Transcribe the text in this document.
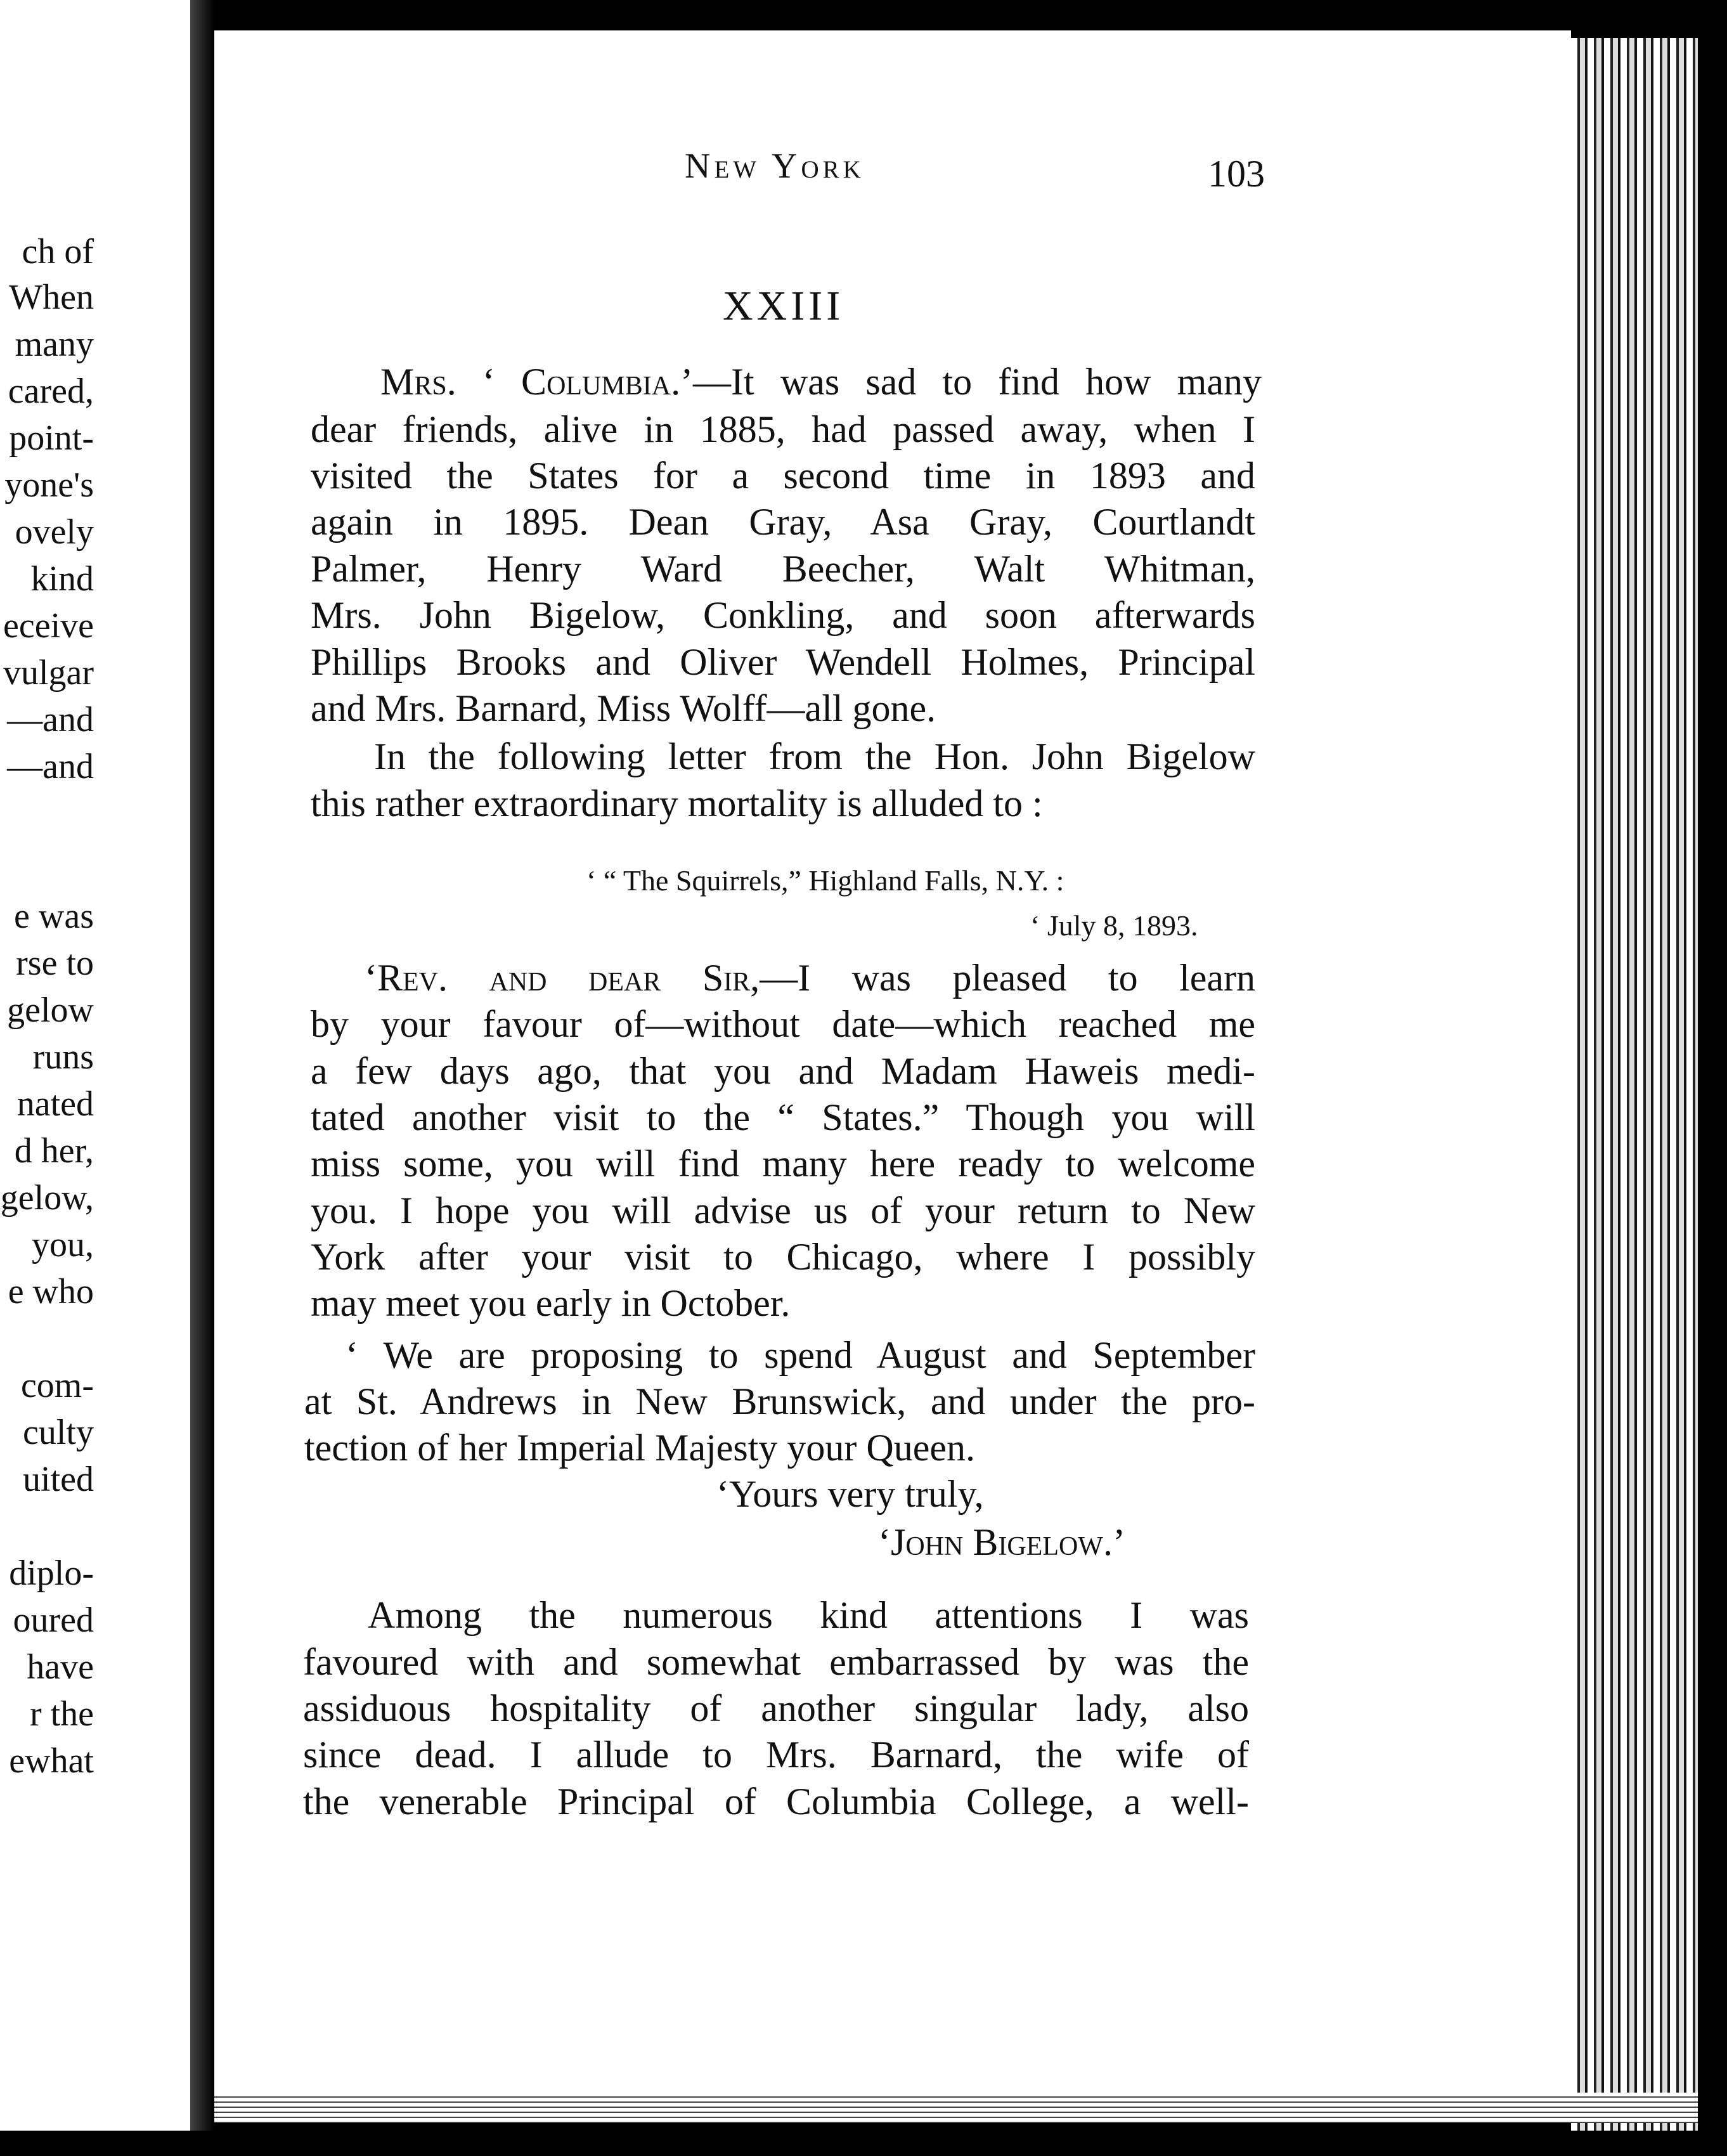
ch of
When
many
cared,
point-
yone's
ovely
kind
eceive
vulgar
—and
—and
e was
rse to
gelow
runs
nated
d her,
gelow,
you,
e who
com-
culty
uited
diplo-
oured
have
r the
ewhat
New York	103
XXIII
Mrs. ‘ Columbia.’—It was sad to find how many
dear friends, alive in 1885, had passed away, when I
visited the States for a second time in 1893 and
again in 1895. Dean Gray, Asa Gray, Courtlandt
Palmer, Henry Ward Beecher, Walt Whitman,
Mrs. John Bigelow, Conkling, and soon afterwards
Phillips Brooks and Oliver Wendell Holmes, Principal
and Mrs. Barnard, Miss Wolff—all gone.
In the following letter from the Hon. John Bigelow
this rather extraordinary mortality is alluded to :
‘ “ The Squirrels,” Highland Falls, N.Y. :
‘ July 8, 1893.
‘Rev. and dear Sir,—I was pleased to learn
by your favour of—without date—which reached me
a few days ago, that you and Madam Haweis medi-
tated another visit to the “ States.” Though you will
miss some, you will find many here ready to welcome
you. I hope you will advise us of your return to New
York after your visit to Chicago, where I possibly
may meet you early in October.
‘ We are proposing to spend August and September
at St. Andrews in New Brunswick, and under the pro-
tection of her Imperial Majesty your Queen.
‘Yours very truly,
‘John Bigelow.’
Among the numerous kind attentions I was
favoured with and somewhat embarrassed by was the
assiduous hospitality of another singular lady, also
since dead. I allude to Mrs. Barnard, the wife of
the venerable Principal of Columbia College, a well-
